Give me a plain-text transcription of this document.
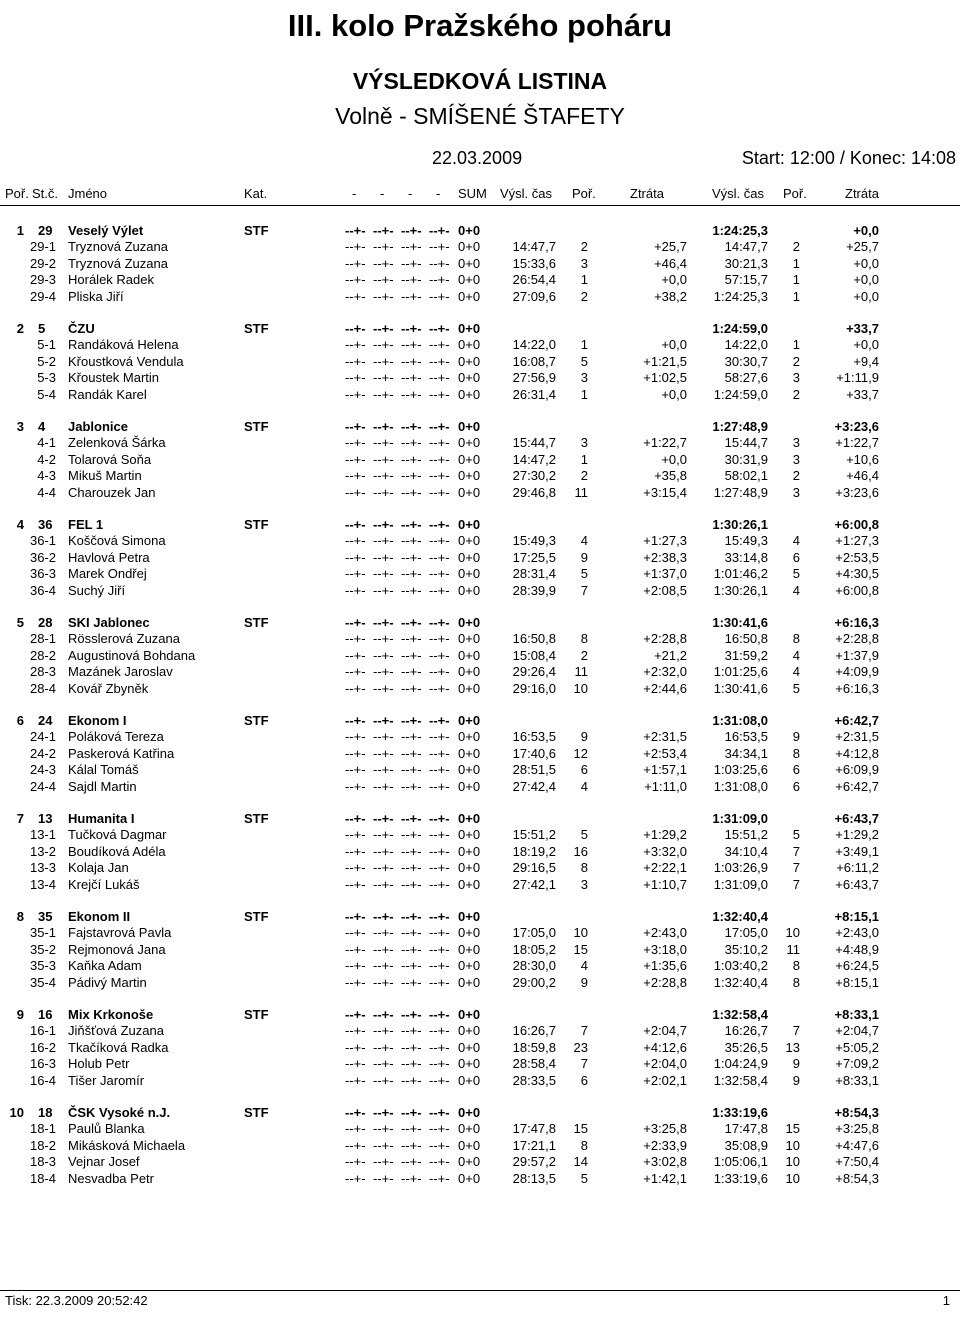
III. kolo Pražského poháru
VÝSLEDKOVÁ LISTINA
Volně - SMÍŠENÉ ŠTAFETY
22.03.2009	Start: 12:00 / Konec: 14:08
Poř. St.č. Jméno	Kat.	- - - - SUM Výsl. čas Poř.	Ztráta	Výsl. čas Poř.	Ztráta
1 29 Veselý Výlet	STF	--+- --+- --+- --+- 0+0	1:24:25,3	+0,0
29-1 Tryznová Zuzana	--+- --+- --+- --+- 0+0	14:47,7 2	+25,7	14:47,7 2	+25,7
29-2 Tryznová Zuzana	--+- --+- --+- --+- 0+0	15:33,6 3	+46,4	30:21,3 1	+0,0
29-3 Horálek Radek	--+- --+- --+- --+- 0+0	26:54,4 1	+0,0	57:15,7 1	+0,0
29-4 Pliska Jiří	--+- --+- --+- --+- 0+0	27:09,6 2	+38,2 1:24:25,3 1	+0,0
2 5 ČZU	STF	--+- --+- --+- --+- 0+0	1:24:59,0	+33,7
5-1 Randáková Helena	--+- --+- --+- --+- 0+0	14:22,0 1	+0,0	14:22,0 1	+0,0
5-2 Křoustková Vendula	--+- --+- --+- --+- 0+0	16:08,7 5	+1:21,5	30:30,7 2	+9,4
5-3 Křoustek Martin	--+- --+- --+- --+- 0+0	27:56,9 3	+1:02,5	58:27,6 3	+1:11,9
5-4 Randák Karel	--+- --+- --+- --+- 0+0	26:31,4 1	+0,0 1:24:59,0 2	+33,7
3 4 Jablonice	STF	--+- --+- --+- --+- 0+0	1:27:48,9	+3:23,6
4-1 Zelenková Šárka	--+- --+- --+- --+- 0+0	15:44,7 3	+1:22,7	15:44,7 3	+1:22,7
4-2 Tolarová Soňa	--+- --+- --+- --+- 0+0	14:47,2 1	+0,0	30:31,9 3	+10,6
4-3 Mikuš Martin	--+- --+- --+- --+- 0+0	27:30,2 2	+35,8	58:02,1 2	+46,4
4-4 Charouzek Jan	--+- --+- --+- --+- 0+0	29:46,8 11	+3:15,4 1:27:48,9 3	+3:23,6
4 36 FEL 1	STF	--+- --+- --+- --+- 0+0	1:30:26,1	+6:00,8
36-1 Koščová Simona	--+- --+- --+- --+- 0+0	15:49,3 4	+1:27,3	15:49,3 4	+1:27,3
36-2 Havlová Petra	--+- --+- --+- --+- 0+0	17:25,5 9	+2:38,3	33:14,8 6	+2:53,5
36-3 Marek Ondřej	--+- --+- --+- --+- 0+0	28:31,4 5	+1:37,0 1:01:46,2 5	+4:30,5
36-4 Suchý Jiří	--+- --+- --+- --+- 0+0	28:39,9 7	+2:08,5 1:30:26,1 4	+6:00,8
5 28 SKI Jablonec	STF	--+- --+- --+- --+- 0+0	1:30:41,6	+6:16,3
28-1 Rösslerová Zuzana	--+- --+- --+- --+- 0+0	16:50,8 8	+2:28,8	16:50,8 8	+2:28,8
28-2 Augustinová Bohdana	--+- --+- --+- --+- 0+0	15:08,4 2	+21,2	31:59,2 4	+1:37,9
28-3 Mazánek Jaroslav	--+- --+- --+- --+- 0+0	29:26,4 11	+2:32,0 1:01:25,6 4	+4:09,9
28-4 Kovář Zbyněk	--+- --+- --+- --+- 0+0	29:16,0 10	+2:44,6 1:30:41,6 5	+6:16,3
6 24 Ekonom I	STF	--+- --+- --+- --+- 0+0	1:31:08,0	+6:42,7
24-1 Poláková Tereza	--+- --+- --+- --+- 0+0	16:53,5 9	+2:31,5	16:53,5 9	+2:31,5
24-2 Paskerová Katřina	--+- --+- --+- --+- 0+0	17:40,6 12	+2:53,4	34:34,1 8	+4:12,8
24-3 Kálal Tomáš	--+- --+- --+- --+- 0+0	28:51,5 6	+1:57,1 1:03:25,6 6	+6:09,9
24-4 Sajdl Martin	--+- --+- --+- --+- 0+0	27:42,4 4	+1:11,0 1:31:08,0 6	+6:42,7
7 13 Humanita I	STF	--+- --+- --+- --+- 0+0	1:31:09,0	+6:43,7
13-1 Tučková Dagmar	--+- --+- --+- --+- 0+0	15:51,2 5	+1:29,2	15:51,2 5	+1:29,2
13-2 Boudíková Adéla	--+- --+- --+- --+- 0+0	18:19,2 16	+3:32,0	34:10,4 7	+3:49,1
13-3 Kolaja Jan	--+- --+- --+- --+- 0+0	29:16,5 8	+2:22,1 1:03:26,9 7	+6:11,2
13-4 Krejčí Lukáš	--+- --+- --+- --+- 0+0	27:42,1 3	+1:10,7 1:31:09,0 7	+6:43,7
8 35 Ekonom II	STF	--+- --+- --+- --+- 0+0	1:32:40,4	+8:15,1
35-1 Fajstavrová Pavla	--+- --+- --+- --+- 0+0	17:05,0 10	+2:43,0	17:05,0 10	+2:43,0
35-2 Rejmonová Jana	--+- --+- --+- --+- 0+0	18:05,2 15	+3:18,0	35:10,2 11	+4:48,9
35-3 Kaňka Adam	--+- --+- --+- --+- 0+0	28:30,0 4	+1:35,6 1:03:40,2 8	+6:24,5
35-4 Pádivý Martin	--+- --+- --+- --+- 0+0	29:00,2 9	+2:28,8 1:32:40,4 8	+8:15,1
9 16 Mix Krkonoše	STF	--+- --+- --+- --+- 0+0	1:32:58,4	+8:33,1
16-1 Jiňšťová Zuzana	--+- --+- --+- --+- 0+0	16:26,7 7	+2:04,7	16:26,7 7	+2:04,7
16-2 Tkačíková Radka	--+- --+- --+- --+- 0+0	18:59,8 23	+4:12,6	35:26,5 13	+5:05,2
16-3 Holub Petr	--+- --+- --+- --+- 0+0	28:58,4 7	+2:04,0 1:04:24,9 9	+7:09,2
16-4 Tišer Jaromír	--+- --+- --+- --+- 0+0	28:33,5 6	+2:02,1 1:32:58,4 9	+8:33,1
10 18 ČSK Vysoké n.J.	STF	--+- --+- --+- --+- 0+0	1:33:19,6	+8:54,3
18-1 Paulů Blanka	--+- --+- --+- --+- 0+0	17:47,8 15	+3:25,8	17:47,8 15	+3:25,8
18-2 Mikásková Michaela	--+- --+- --+- --+- 0+0	17:21,1 8	+2:33,9	35:08,9 10	+4:47,6
18-3 Vejnar Josef	--+- --+- --+- --+- 0+0	29:57,2 14	+3:02,8 1:05:06,1 10	+7:50,4
18-4 Nesvadba Petr	--+- --+- --+- --+- 0+0	28:13,5 5	+1:42,1 1:33:19,6 10	+8:54,3
Tisk: 22.3.2009 20:52:42	1
